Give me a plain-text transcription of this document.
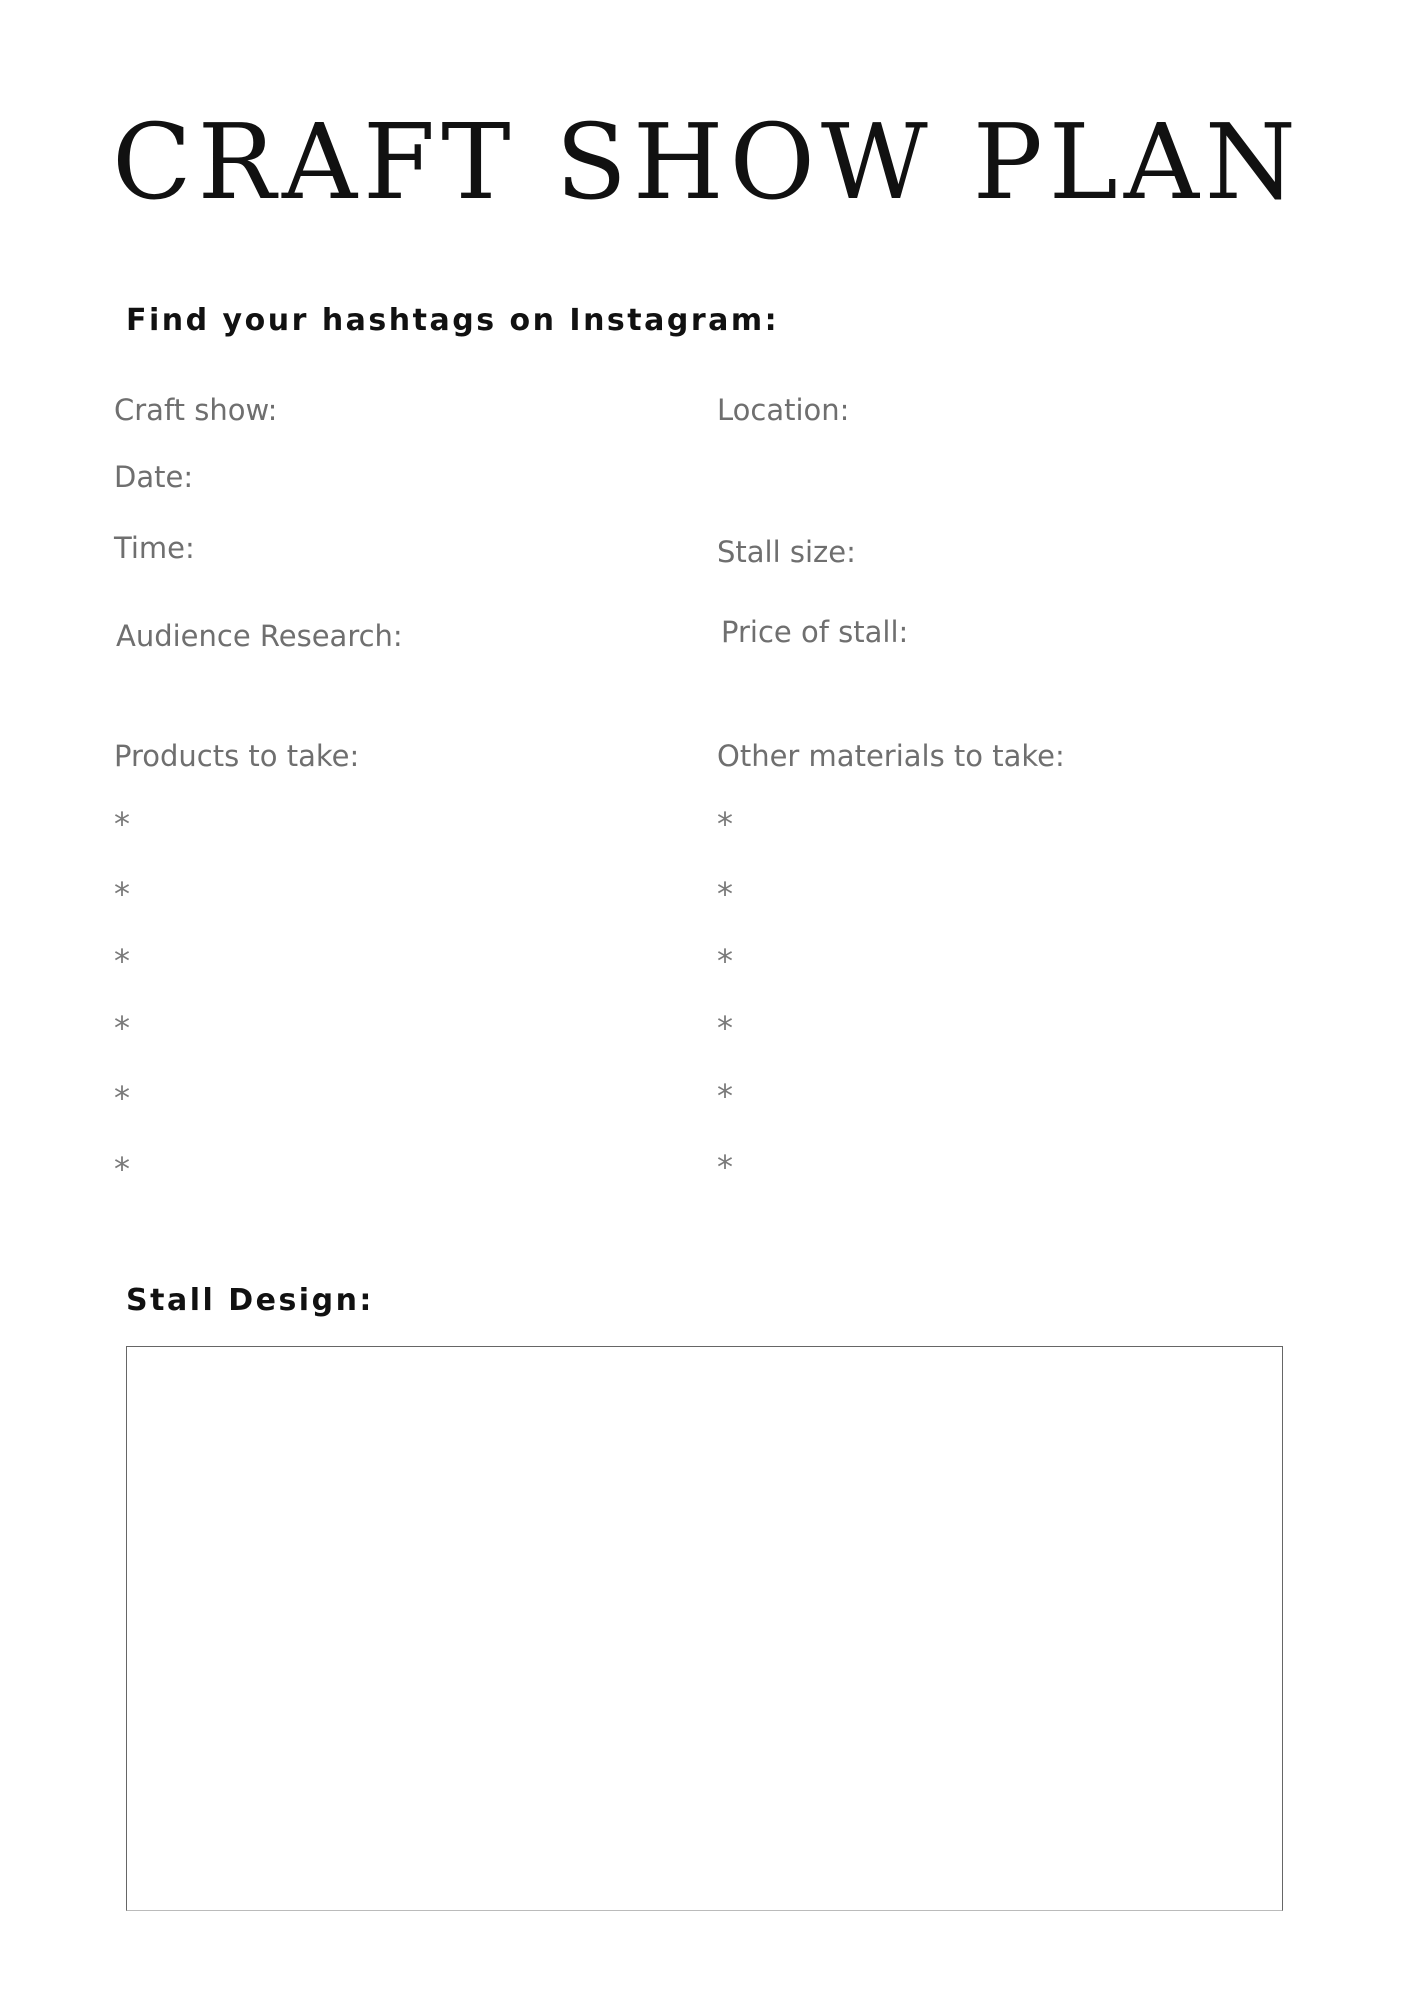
CRAFT SHOW PLAN
Find your hashtags on Instagram:
Craft show:	Location:
Date:
Time:	Stall size:
Audience Research:	Price of stall:
Products to take:	Other materials to take:
*
*
*
*
*
*
*
*
*
*
*
*
Stall Design:
